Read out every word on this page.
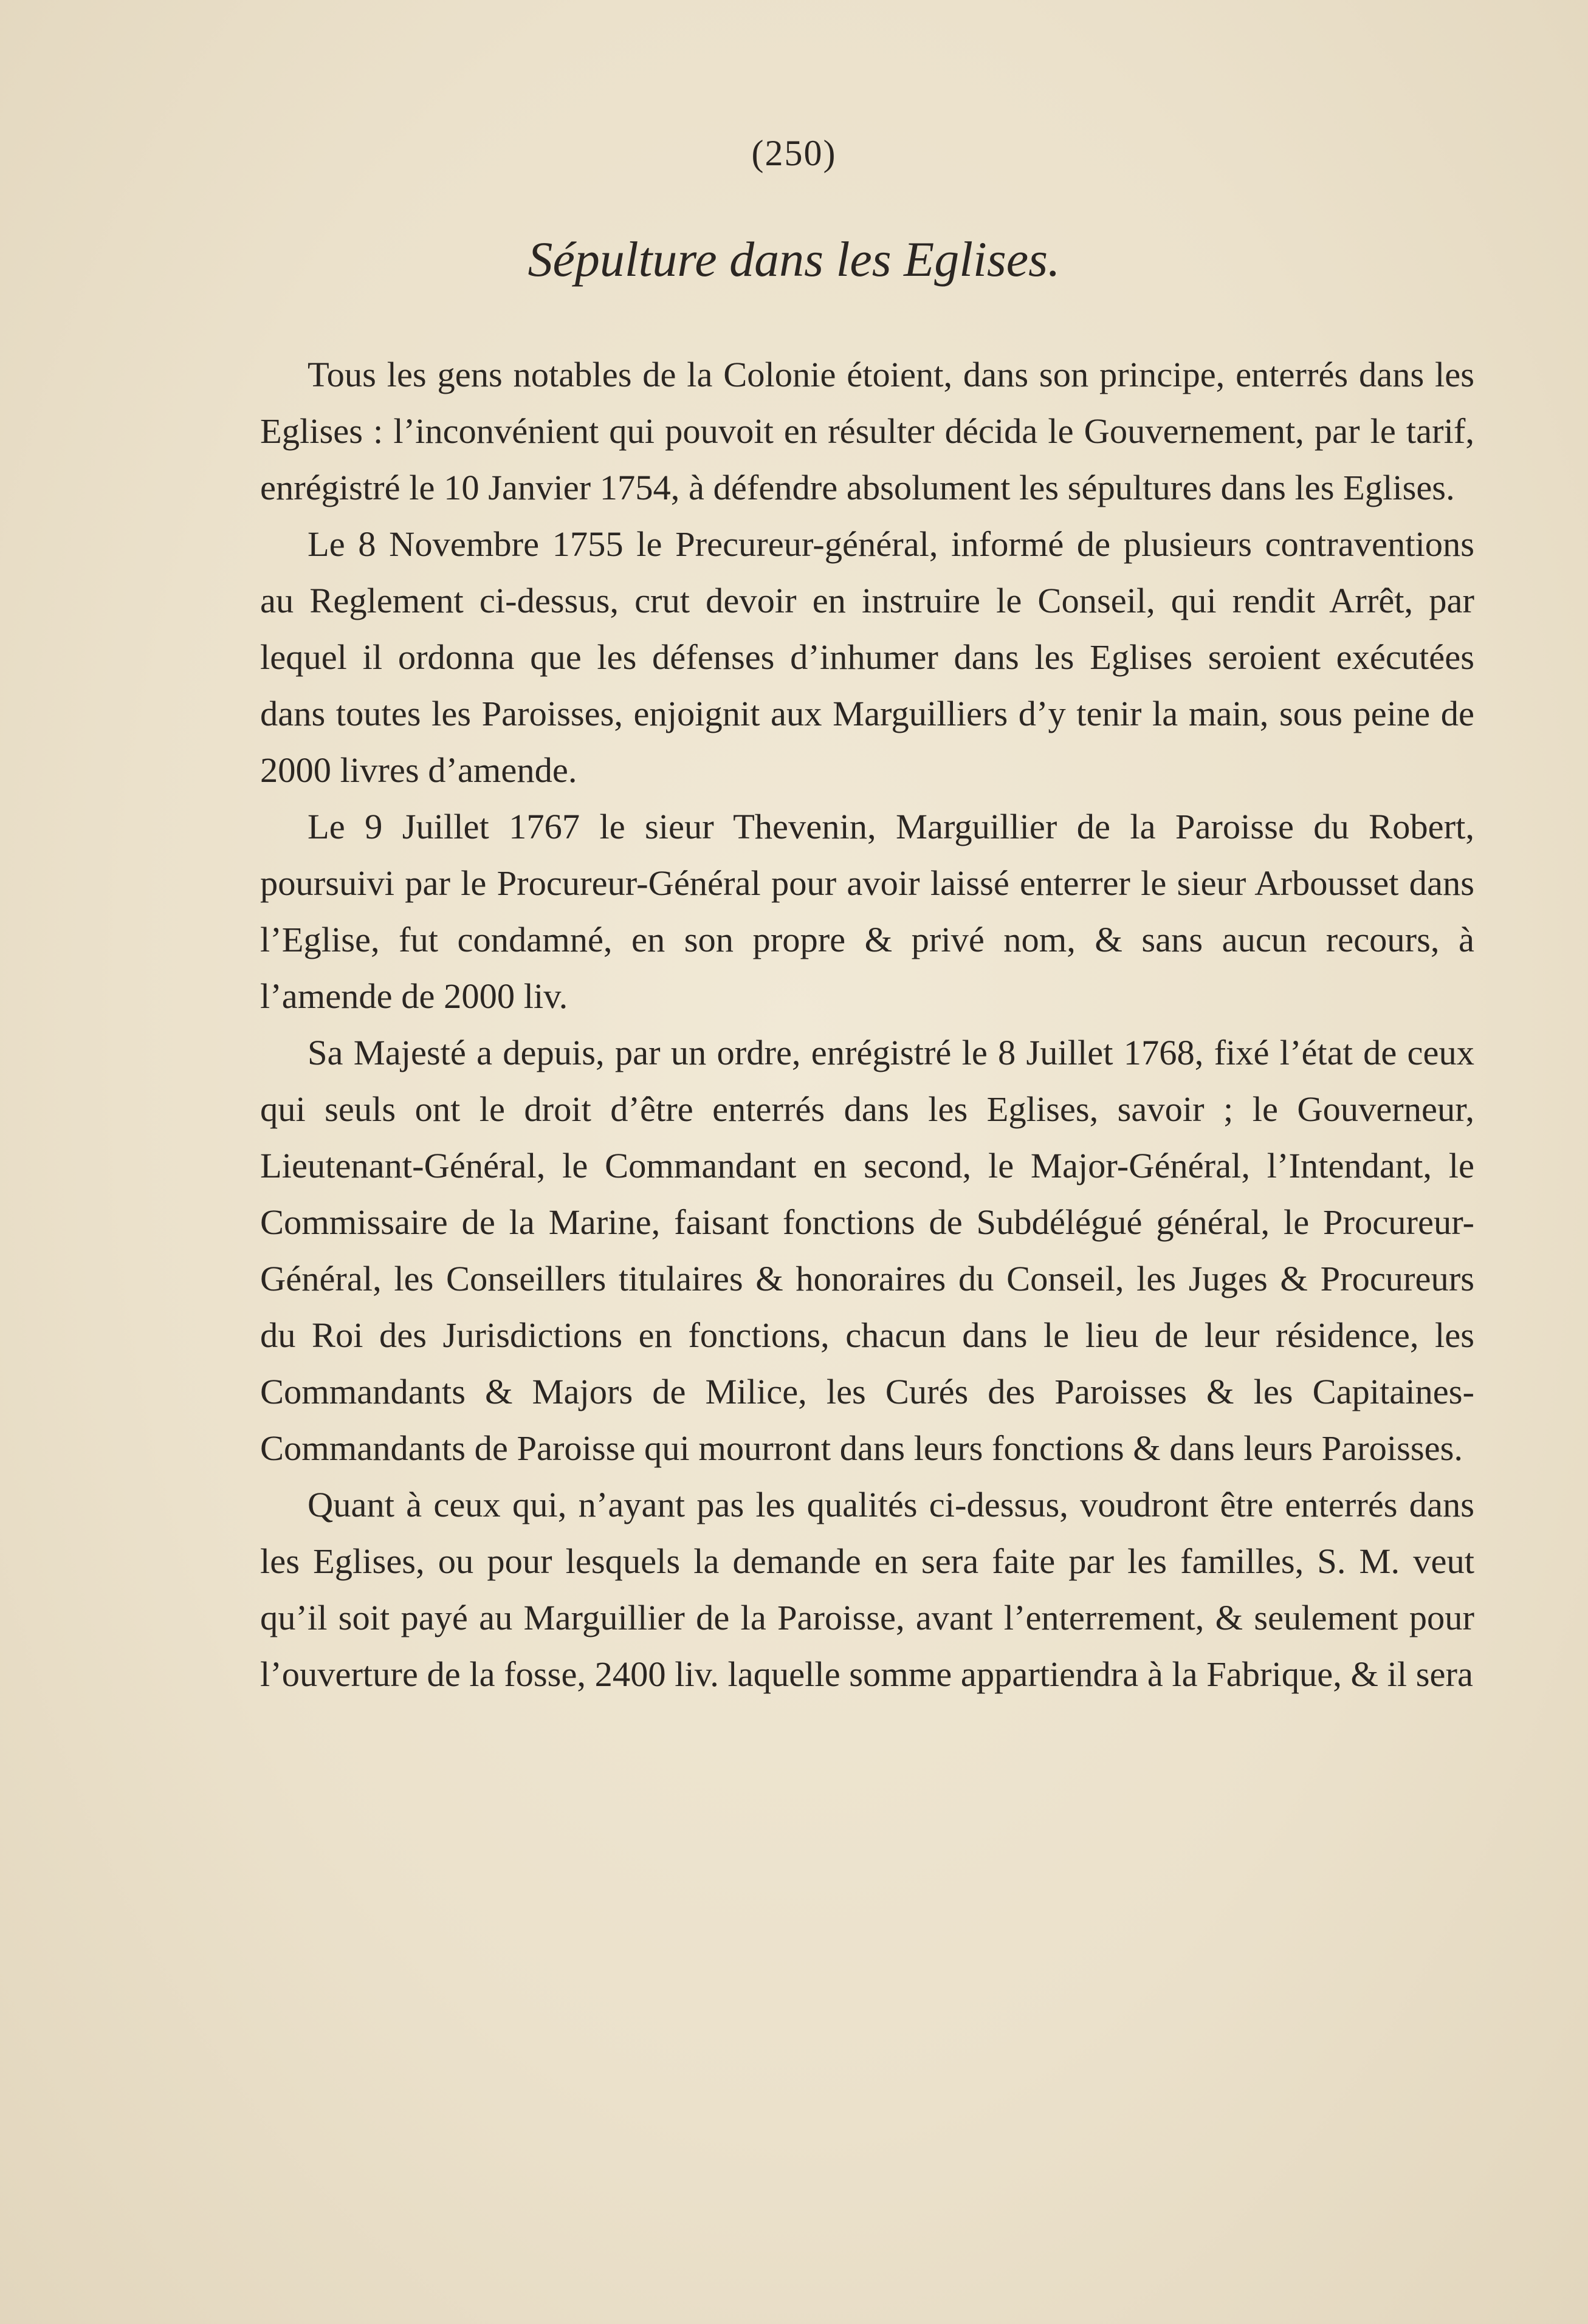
(250)
Sépulture dans les Eglises.

Tous les gens notables de la Colonie étoient, dans son principe, enterrés dans les Eglises : l’inconvénient qui pouvoit en résulter décida le Gouvernement, par le tarif, enrégistré le 10 Janvier 1754, à défendre absolument les sépultures dans les Eglises.

Le 8 Novembre 1755 le Precureur-général, informé de plusieurs contraventions au Reglement ci-dessus, crut devoir en instruire le Conseil, qui rendit Arrêt, par lequel il ordonna que les défenses d’inhumer dans les Eglises seroient exécutées dans toutes les Paroisses, enjoignit aux Marguilliers d’y tenir la main, sous peine de 2000 livres d’amende.

Le 9 Juillet 1767 le sieur Thevenin, Marguillier de la Paroisse du Robert, poursuivi par le Procureur-Général pour avoir laissé enterrer le sieur Arbousset dans l’Eglise, fut condamné, en son propre & privé nom, & sans aucun recours, à l’amende de 2000 liv.

Sa Majesté a depuis, par un ordre, enrégistré le 8 Juillet 1768, fixé l’état de ceux qui seuls ont le droit d’être enterrés dans les Eglises, savoir ; le Gouverneur, Lieutenant-Général, le Commandant en second, le Major-Général, l’Intendant, le Commissaire de la Marine, faisant fonctions de Subdélégué général, le Procureur-Général, les Conseillers titulaires & honoraires du Conseil, les Juges & Procureurs du Roi des Jurisdictions en fonctions, chacun dans le lieu de leur résidence, les Commandants & Majors de Milice, les Curés des Paroisses & les Capitaines-Commandants de Paroisse qui mourront dans leurs fonctions & dans leurs Paroisses.

Quant à ceux qui, n’ayant pas les qualités ci-dessus, voudront être enterrés dans les Eglises, ou pour lesquels la demande en sera faite par les familles, S. M. veut qu’il soit payé au Marguillier de la Paroisse, avant l’enterrement, & seulement pour l’ouverture de la fosse, 2400 liv. laquelle somme appartiendra à la Fabrique, & il sera
